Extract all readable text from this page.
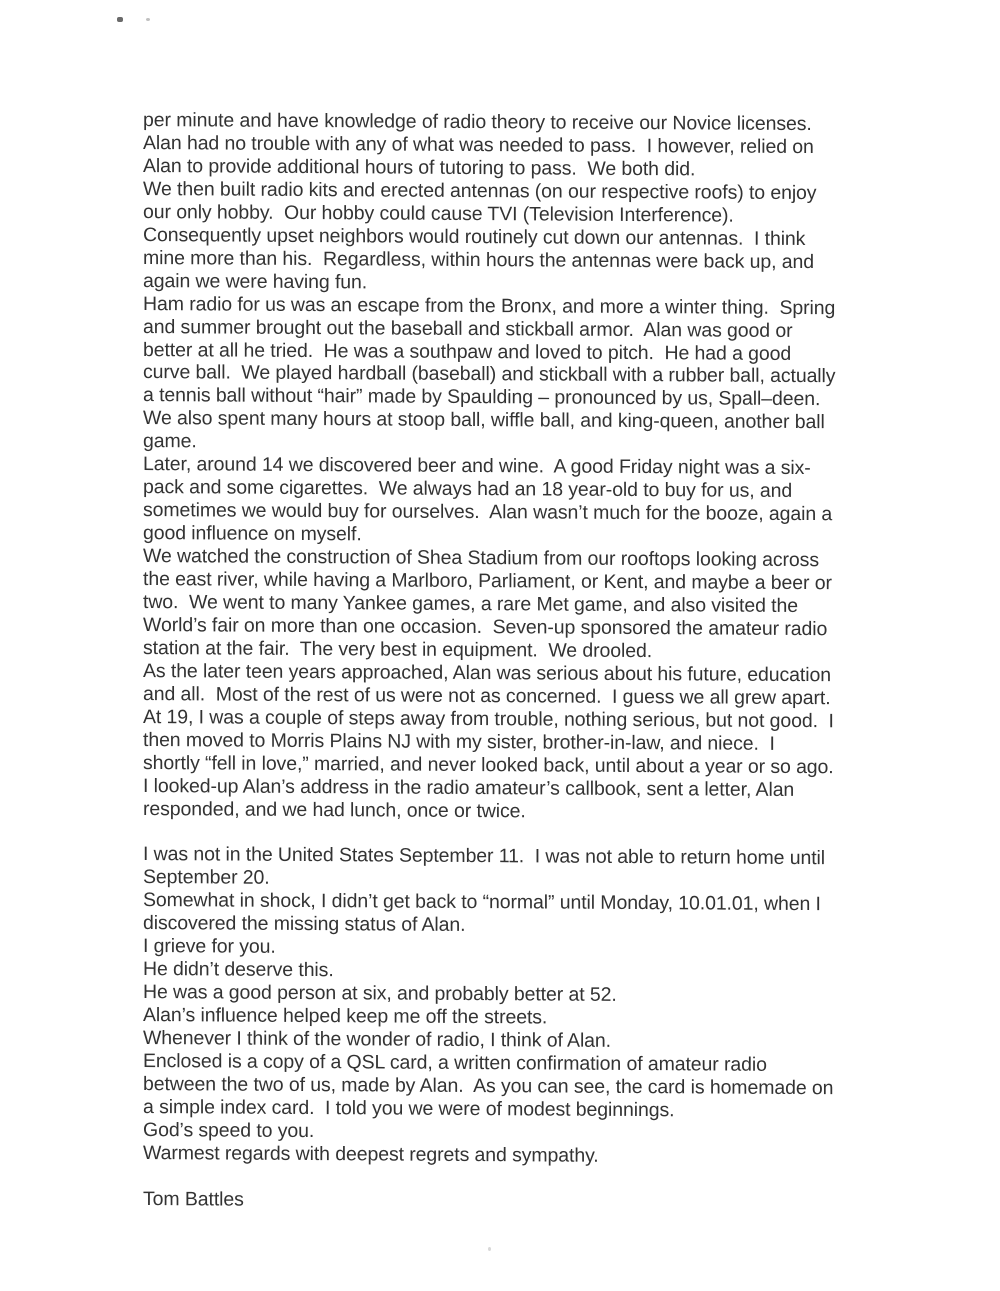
per minute and have knowledge of radio theory to receive our Novice licenses.
Alan had no trouble with any of what was needed to pass.  I however, relied on
Alan to provide additional hours of tutoring to pass.  We both did.
We then built radio kits and erected antennas (on our respective roofs) to enjoy
our only hobby.  Our hobby could cause TVI (Television Interference).
Consequently upset neighbors would routinely cut down our antennas.  I think
mine more than his.  Regardless, within hours the antennas were back up, and
again we were having fun.
Ham radio for us was an escape from the Bronx, and more a winter thing.  Spring
and summer brought out the baseball and stickball armor.  Alan was good or
better at all he tried.  He was a southpaw and loved to pitch.  He had a good
curve ball.  We played hardball (baseball) and stickball with a rubber ball, actually
a tennis ball without “hair” made by Spaulding – pronounced by us, Spall–deen.
We also spent many hours at stoop ball, wiffle ball, and king-queen, another ball
game.
Later, around 14 we discovered beer and wine.  A good Friday night was a six-
pack and some cigarettes.  We always had an 18 year-old to buy for us, and
sometimes we would buy for ourselves.  Alan wasn’t much for the booze, again a
good influence on myself.
We watched the construction of Shea Stadium from our rooftops looking across
the east river, while having a Marlboro, Parliament, or Kent, and maybe a beer or
two.  We went to many Yankee games, a rare Met game, and also visited the
World’s fair on more than one occasion.  Seven-up sponsored the amateur radio
station at the fair.  The very best in equipment.  We drooled.
As the later teen years approached, Alan was serious about his future, education
and all.  Most of the rest of us were not as concerned.  I guess we all grew apart.
At 19, I was a couple of steps away from trouble, nothing serious, but not good.  I
then moved to Morris Plains NJ with my sister, brother-in-law, and niece.  I
shortly “fell in love,” married, and never looked back, until about a year or so ago.
I looked-up Alan’s address in the radio amateur’s callbook, sent a letter, Alan
responded, and we had lunch, once or twice.
I was not in the United States September 11.  I was not able to return home until
September 20.
Somewhat in shock, I didn’t get back to “normal” until Monday, 10.01.01, when I
discovered the missing status of Alan.
I grieve for you.
He didn’t deserve this.
He was a good person at six, and probably better at 52.
Alan’s influence helped keep me off the streets.
Whenever I think of the wonder of radio, I think of Alan.
Enclosed is a copy of a QSL card, a written confirmation of amateur radio
between the two of us, made by Alan.  As you can see, the card is homemade on
a simple index card.  I told you we were of modest beginnings.
God’s speed to you.
Warmest regards with deepest regrets and sympathy.
Tom Battles
